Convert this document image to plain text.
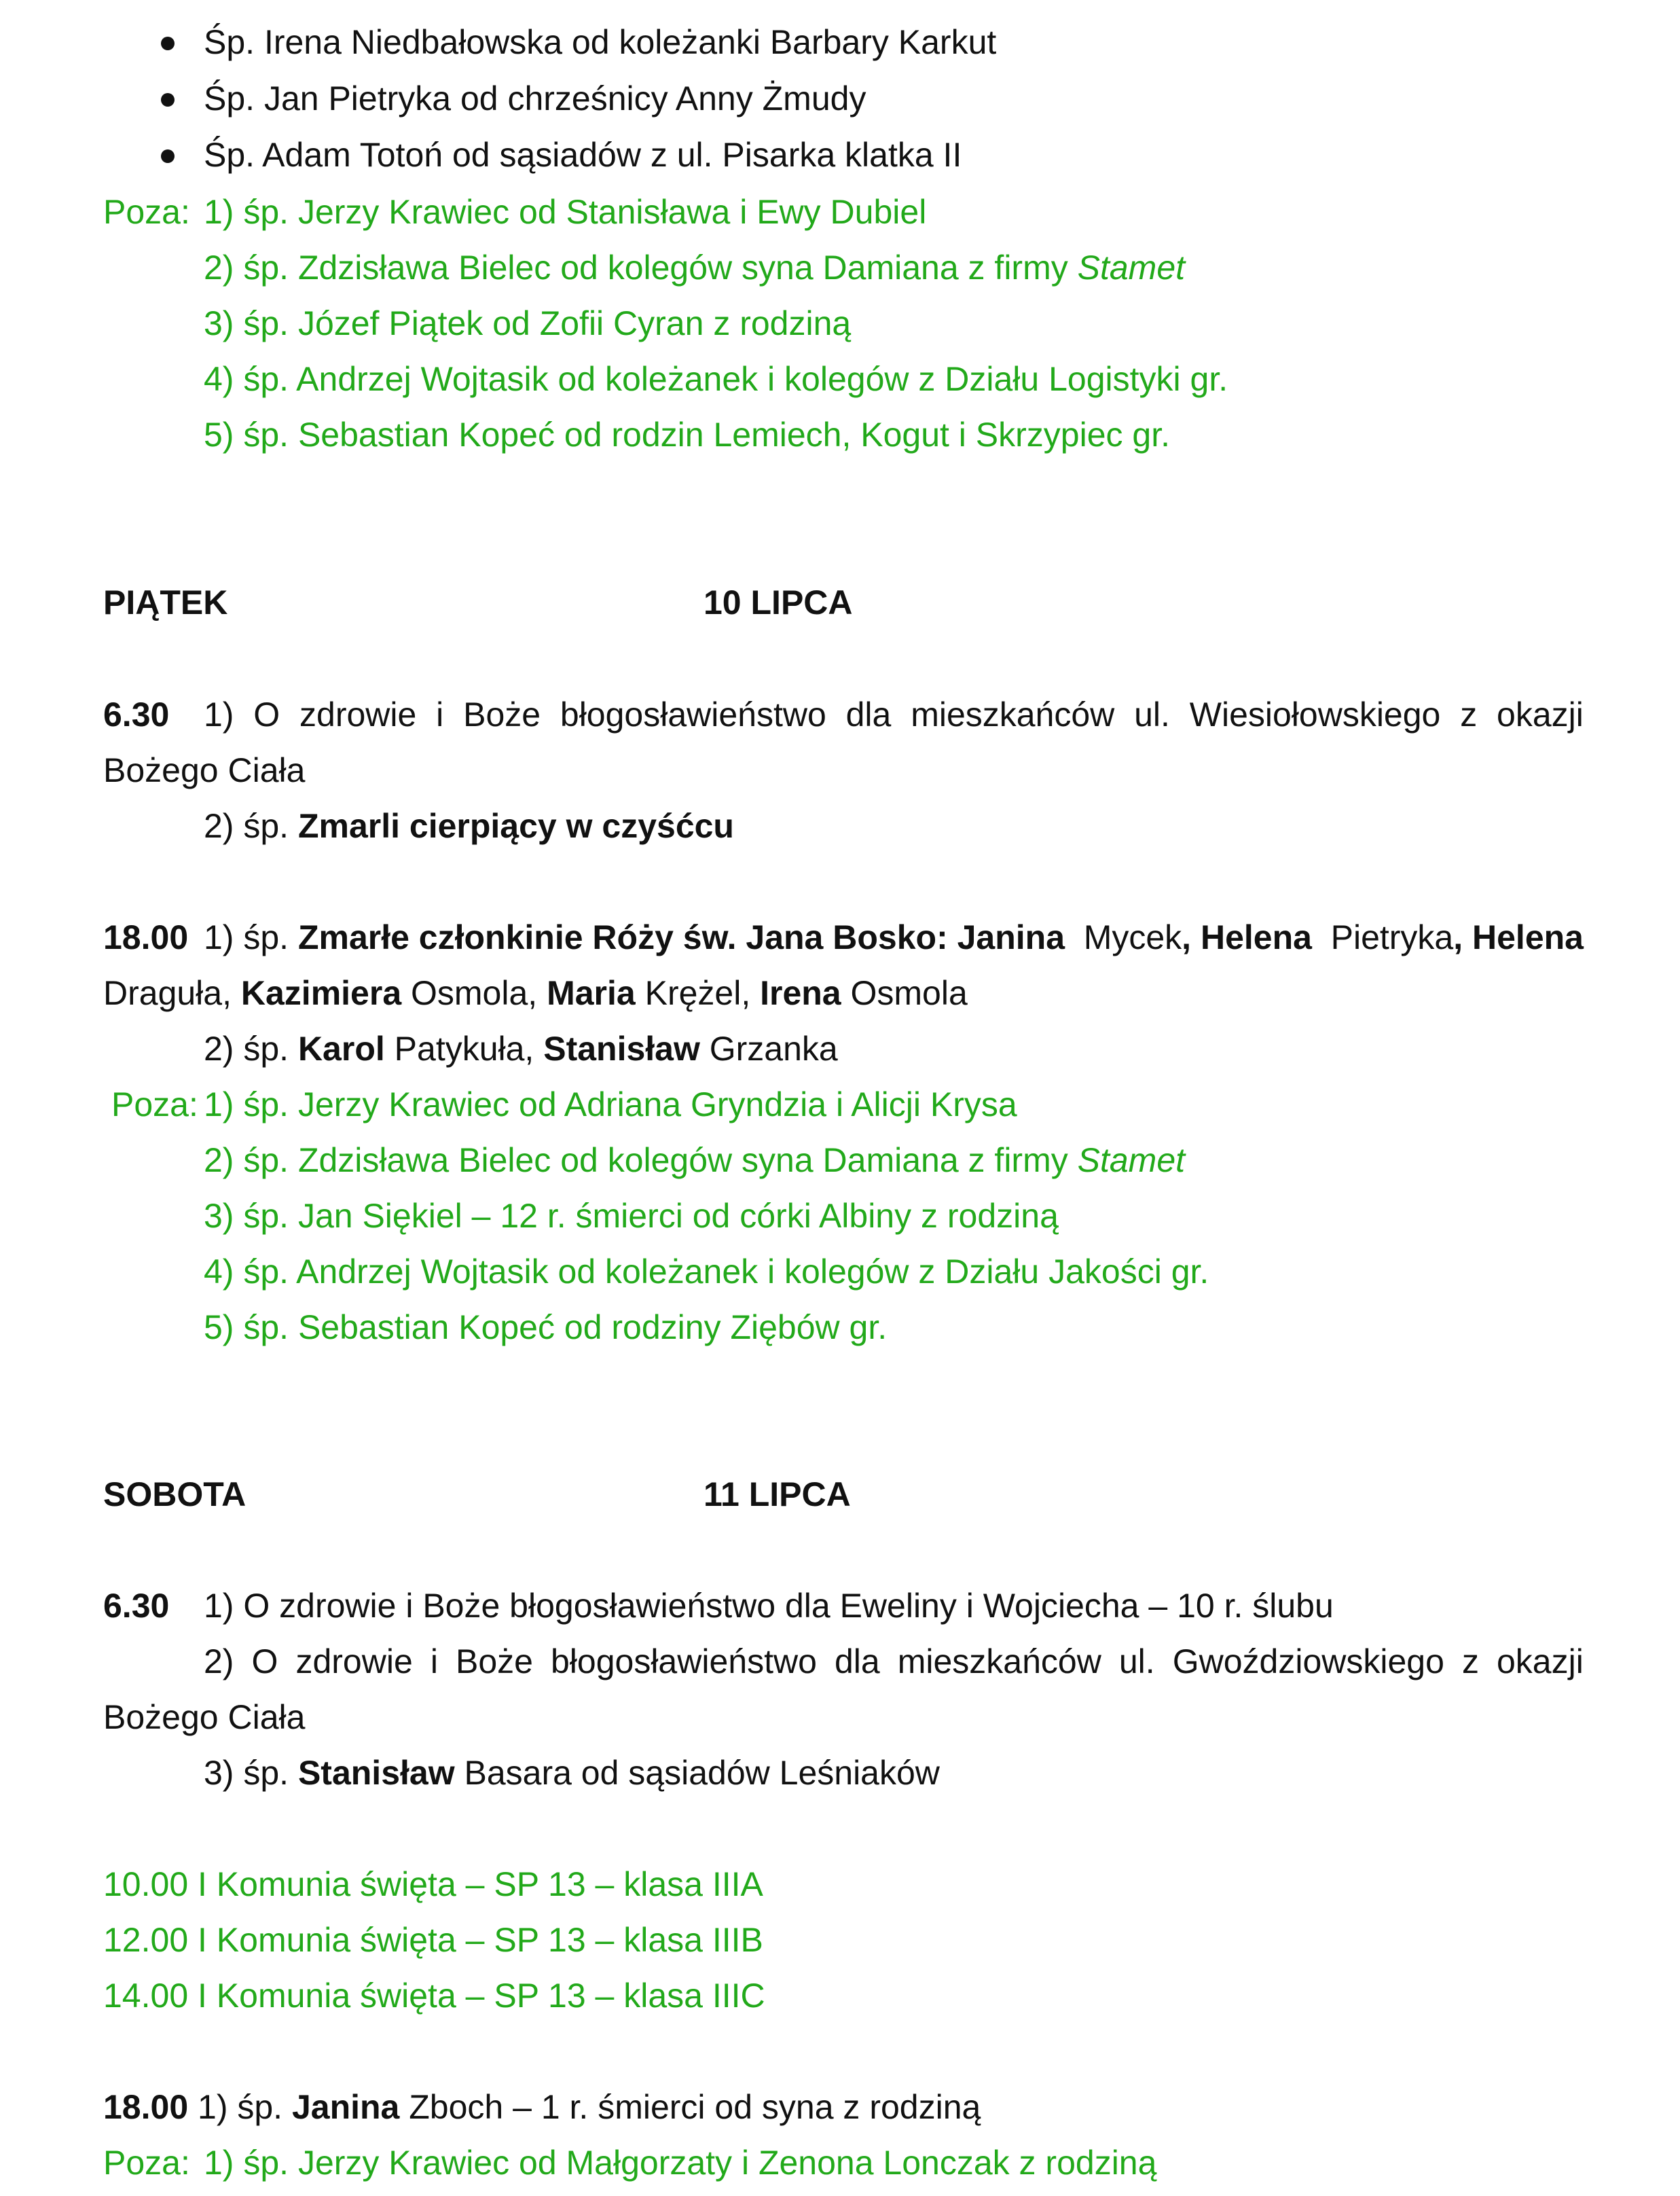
Śp. Irena Niedbałowska od koleżanki Barbary Karkut
Śp. Jan Pietryka od chrześnicy Anny Żmudy
Śp. Adam Totoń od sąsiadów z ul. Pisarka klatka II
Poza: 1) śp. Jerzy Krawiec od Stanisława i Ewy Dubiel
2) śp. Zdzisława Bielec od kolegów syna Damiana z firmy Stamet
3) śp. Józef Piątek od Zofii Cyran z rodziną
4) śp. Andrzej Wojtasik od koleżanek i kolegów z Działu Logistyki gr.
5) śp. Sebastian Kopeć od rodzin Lemiech, Kogut i Skrzypiec gr.
PIĄTEK	10 LIPCA
6.30 1) O zdrowie i Boże błogosławieństwo dla mieszkańców ul. Wiesiołowskiego z okazji
Bożego Ciała
2) śp. Zmarli cierpiący w czyśćcu
18.00 1) śp. Zmarłe członkinie Róży św. Jana Bosko: Janina Mycek, Helena Pietryka, Helena
Draguła, Kazimiera Osmola, Maria Krężel, Irena Osmola
2) śp. Karol Patykuła, Stanisław Grzanka
Poza: 1) śp. Jerzy Krawiec od Adriana Gryndzia i Alicji Krysa
2) śp. Zdzisława Bielec od kolegów syna Damiana z firmy Stamet
3) śp. Jan Siękiel – 12 r. śmierci od córki Albiny z rodziną
4) śp. Andrzej Wojtasik od koleżanek i kolegów z Działu Jakości gr.
5) śp. Sebastian Kopeć od rodziny Ziębów gr.
SOBOTA	11 LIPCA
6.30 1) O zdrowie i Boże błogosławieństwo dla Eweliny i Wojciecha – 10 r. ślubu
2) O zdrowie i Boże błogosławieństwo dla mieszkańców ul. Gwoździowskiego z okazji
Bożego Ciała
3) śp. Stanisław Basara od sąsiadów Leśniaków
10.00 I Komunia święta – SP 13 – klasa IIIA
12.00 I Komunia święta – SP 13 – klasa IIIB
14.00 I Komunia święta – SP 13 – klasa IIIC
18.00 1) śp. Janina Zboch – 1 r. śmierci od syna z rodziną
Poza: 1) śp. Jerzy Krawiec od Małgorzaty i Zenona Lonczak z rodziną
